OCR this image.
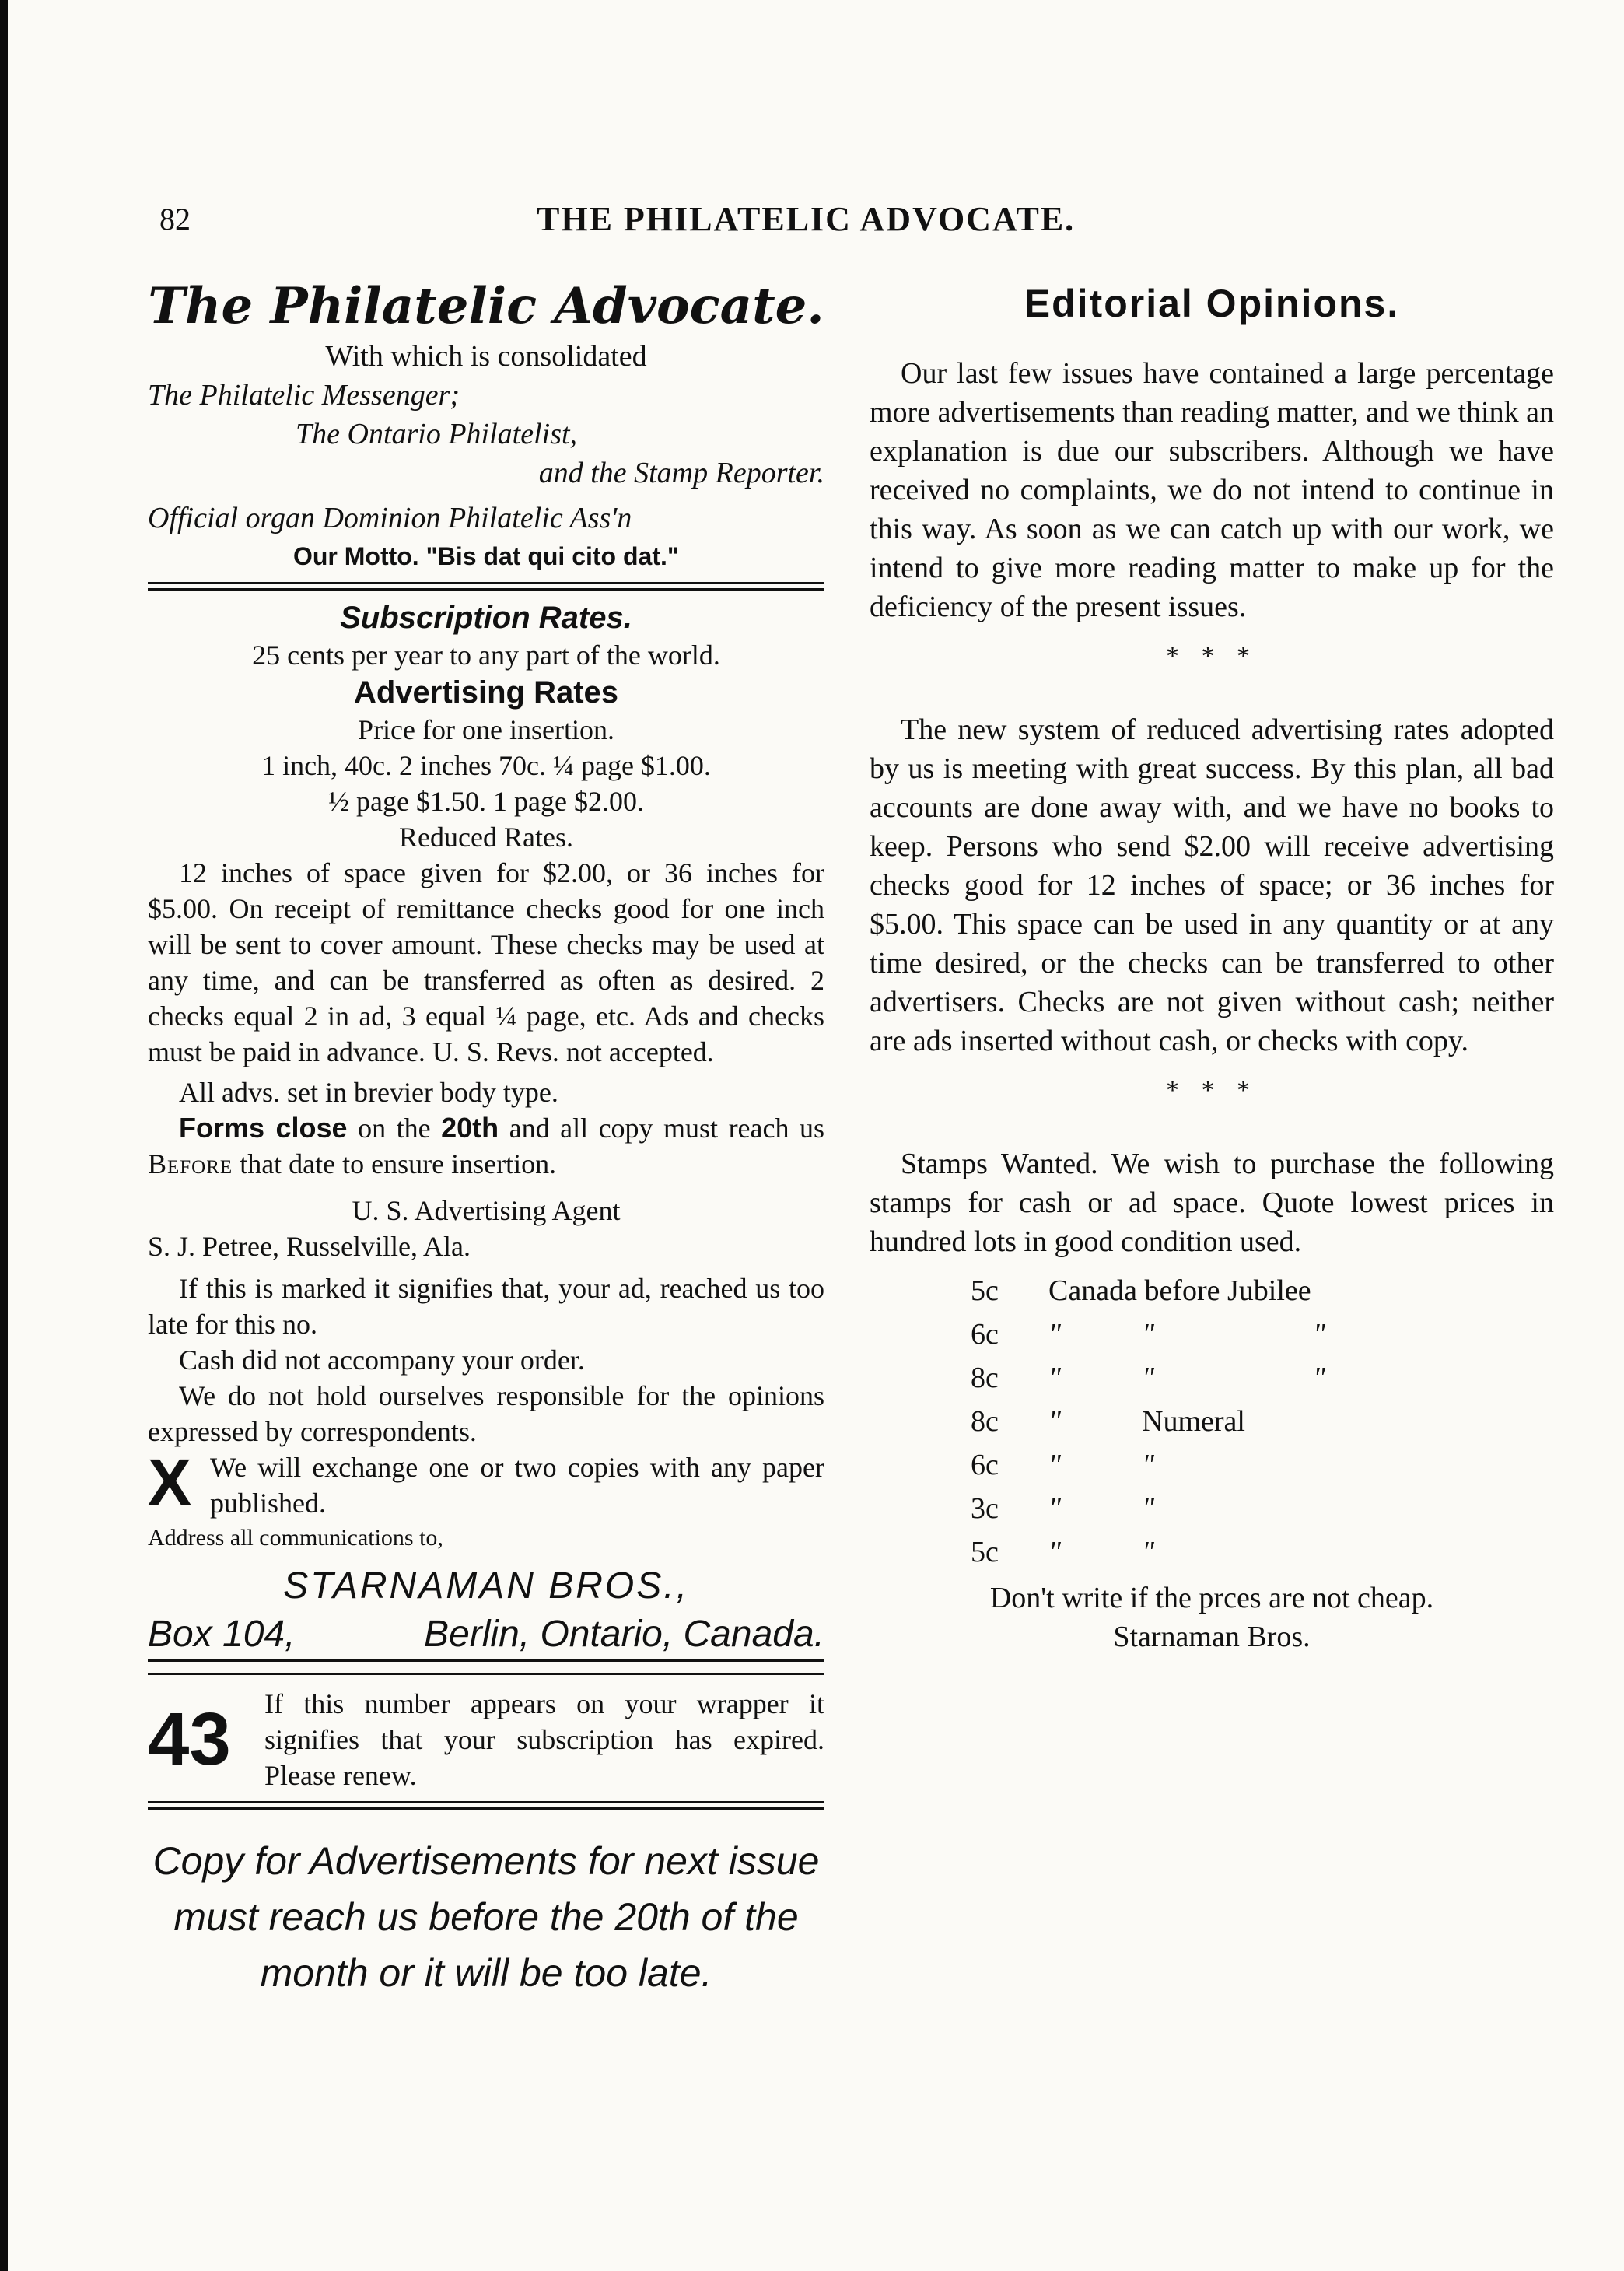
82	THE PHILATELIC ADVOCATE.
The Philatelic Advocate.
With which is consolidated
The Philatelic Messenger;
The Ontario Philatelist,
and the Stamp Reporter.
Official organ Dominion Philatelic Ass'n
Our Motto. "Bis dat qui cito dat."
Subscription Rates.
25 cents per year to any part of the world.
Advertising Rates
Price for one insertion.
1 inch, 40c. 2 inches 70c. ¼ page $1.00.
½ page $1.50. 1 page $2.00.
Reduced Rates.
12 inches of space given for $2.00, or 36 inches for $5.00. On receipt of remittance checks good for one inch will be sent to cover amount. These checks may be used at any time, and can be transferred as often as desired. 2 checks equal 2 in ad, 3 equal ¼ page, etc. Ads and checks must be paid in advance. U. S. Revs. not accepted.
All advs. set in brevier body type.
Forms close on the 20th and all copy must reach us Before that date to ensure insertion.
U. S. Advertising Agent
S. J. Petree, Russelville, Ala.
If this is marked it signifies that, your ad, reached us too late for this no.
Cash did not accompany your order.
We do not hold ourselves responsible for the opinions expressed by correspondents.
X We will exchange one or two copies with any paper published.
Address all communications to,
STARNAMAN BROS.,
Box 104,	Berlin, Ontario, Canada.
43	If this number appears on your wrapper it signifies that your subscription has expired. Please renew.
Copy for Advertisements for next issue must reach us before the 20th of the month or it will be too late.
Editorial Opinions.
Our last few issues have contained a large percentage more advertisements than reading matter, and we think an explanation is due our subscribers. Although we have received no complaints, we do not intend to continue in this way. As soon as we can catch up with our work, we intend to give more reading matter to make up for the deficiency of the present issues.
* * *
The new system of reduced advertising rates adopted by us is meeting with great success. By this plan, all bad accounts are done away with, and we have no books to keep. Persons who send $2.00 will receive advertising checks good for 12 inches of space; or 36 inches for $5.00. This space can be used in any quantity or at any time desired, or the checks can be transferred to other advertisers. Checks are not given without cash; neither are ads inserted without cash, or checks with copy.
* * *
Stamps Wanted. We wish to purchase the following stamps for cash or ad space. Quote lowest prices in hundred lots in good condition used.
5c	Canada before Jubilee
6c	"	"	"
8c	"	"	"
8c	"	Numeral
6c	"	"
3c	"	"
5c	"	"
Don't write if the prces are not cheap.
Starnaman Bros.
